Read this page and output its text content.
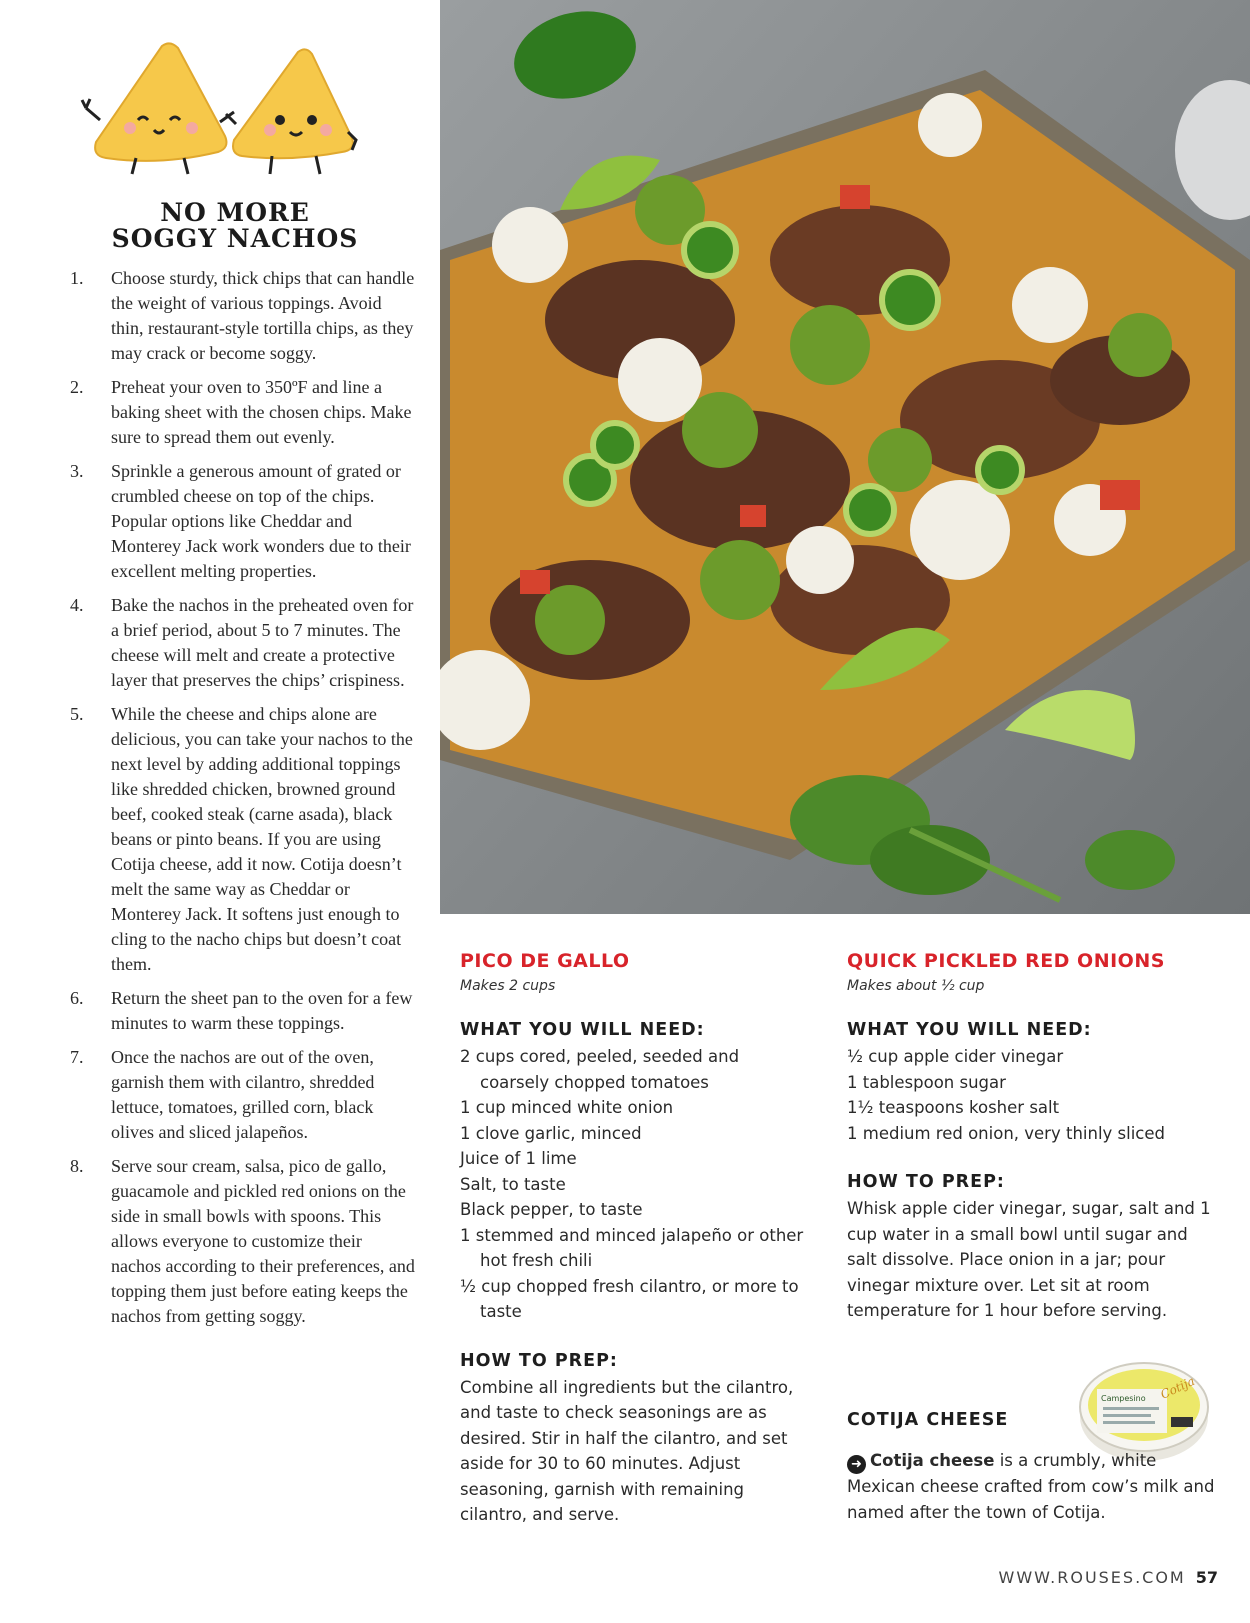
NO MORE
SOGGY NACHOS
1. Choose sturdy, thick chips that can handle the weight of various toppings. Avoid thin, restaurant-style tortilla chips, as they may crack or become soggy.
2. Preheat your oven to 350ºF and line a baking sheet with the chosen chips. Make sure to spread them out evenly.
3. Sprinkle a generous amount of grated or crumbled cheese on top of the chips. Popular options like Cheddar and Monterey Jack work wonders due to their excellent melting properties.
4. Bake the nachos in the preheated oven for a brief period, about 5 to 7 minutes. The cheese will melt and create a protective layer that preserves the chips’ crispiness.
5. While the cheese and chips alone are delicious, you can take your nachos to the next level by adding additional toppings like shredded chicken, browned ground beef, cooked steak (carne asada), black beans or pinto beans. If you are using Cotija cheese, add it now. Cotija doesn’t melt the same way as Cheddar or Monterey Jack. It softens just enough to cling to the nacho chips but doesn’t coat them.
6. Return the sheet pan to the oven for a few minutes to warm these toppings.
7. Once the nachos are out of the oven, garnish them with cilantro, shredded lettuce, tomatoes, grilled corn, black olives and sliced jalapeños.
8. Serve sour cream, salsa, pico de gallo, guacamole and pickled red onions on the side in small bowls with spoons. This allows everyone to customize their nachos according to their preferences, and topping them just before eating keeps the nachos from getting soggy.
PICO DE GALLO
Makes 2 cups
WHAT YOU WILL NEED:
2 cups cored, peeled, seeded and coarsely chopped tomatoes
1 cup minced white onion
1 clove garlic, minced
Juice of 1 lime
Salt, to taste
Black pepper, to taste
1 stemmed and minced jalapeño or other hot fresh chili
½ cup chopped fresh cilantro, or more to taste
HOW TO PREP:
Combine all ingredients but the cilantro, and taste to check seasonings are as desired. Stir in half the cilantro, and set aside for 30 to 60 minutes. Adjust seasoning, garnish with remaining cilantro, and serve.
QUICK PICKLED RED ONIONS
Makes about ½ cup
WHAT YOU WILL NEED:
½ cup apple cider vinegar
1 tablespoon sugar
1½ teaspoons kosher salt
1 medium red onion, very thinly sliced
HOW TO PREP:
Whisk apple cider vinegar, sugar, salt and 1 cup water in a small bowl until sugar and salt dissolve. Place onion in a jar; pour vinegar mixture over. Let sit at room temperature for 1 hour before serving.
Campesino Cotija
COTIJA CHEESE
➜ Cotija cheese is a crumbly, white Mexican cheese crafted from cow’s milk and named after the town of Cotija.
WWW.ROUSES.COM 57
